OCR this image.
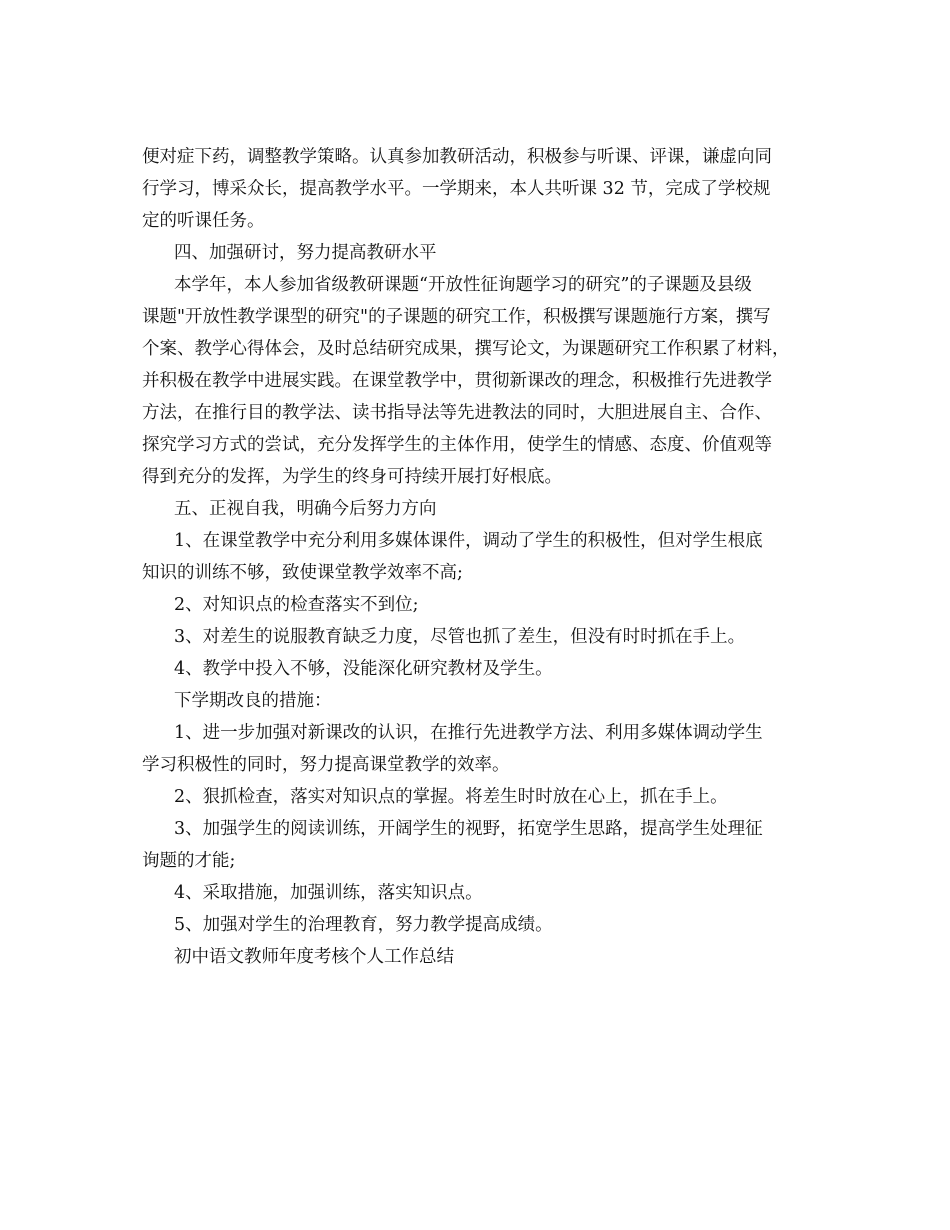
便对症下药，调整教学策略。认真参加教研活动，积极参与听课、评课，谦虚向同

行学习，博采众长，提高教学水平。一学期来，本人共听课 32 节，完成了学校规

定的听课任务。

四、加强研讨，努力提高教研水平

本学年，本人参加省级教研课题“开放性征询题学习的研究”的子课题及县级

课题"开放性教学课型的研究"的子课题的研究工作，积极撰写课题施行方案，撰写

个案、教学心得体会，及时总结研究成果，撰写论文，为课题研究工作积累了材料，

并积极在教学中进展实践。在课堂教学中，贯彻新课改的理念，积极推行先进教学

方法，在推行目的教学法、读书指导法等先进教法的同时，大胆进展自主、合作、

探究学习方式的尝试，充分发挥学生的主体作用，使学生的情感、态度、价值观等

得到充分的发挥，为学生的终身可持续开展打好根底。

五、正视自我，明确今后努力方向

1、在课堂教学中充分利用多媒体课件，调动了学生的积极性，但对学生根底

知识的训练不够，致使课堂教学效率不高;

2、对知识点的检查落实不到位;

3、对差生的说服教育缺乏力度，尽管也抓了差生，但没有时时抓在手上。

4、教学中投入不够，没能深化研究教材及学生。

下学期改良的措施：

1、进一步加强对新课改的认识，在推行先进教学方法、利用多媒体调动学生

学习积极性的同时，努力提高课堂教学的效率。

2、狠抓检查，落实对知识点的掌握。将差生时时放在心上，抓在手上。

3、加强学生的阅读训练，开阔学生的视野，拓宽学生思路，提高学生处理征

询题的才能;

4、采取措施，加强训练，落实知识点。

5、加强对学生的治理教育，努力教学提高成绩。

初中语文教师年度考核个人工作总结
